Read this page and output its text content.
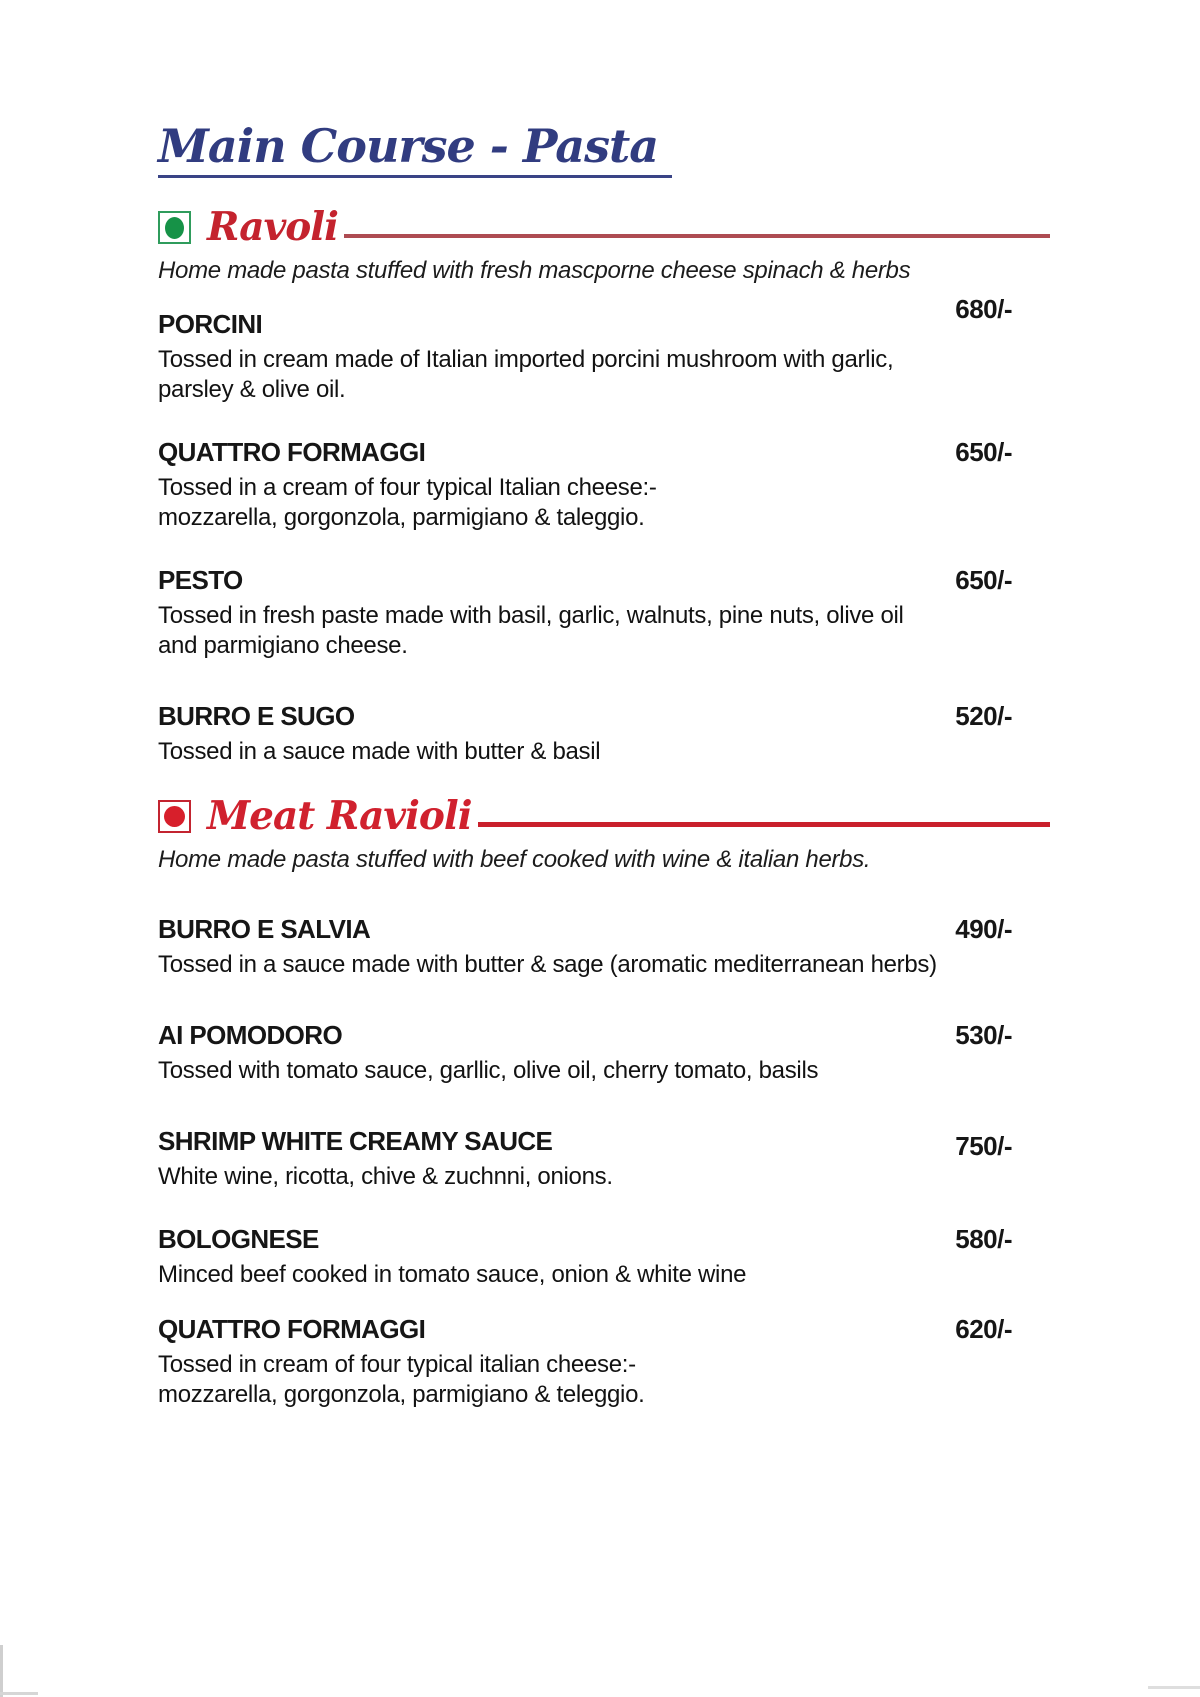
Main Course - Pasta
Ravoli

Home made pasta stuffed with fresh mascporne cheese spinach & herbs

PORCINI	680/-
Tossed in cream made of Italian imported porcini mushroom with garlic,
parsley & olive oil.
QUATTRO FORMAGGI	650/-
Tossed in a cream of four typical Italian cheese:-
mozzarella, gorgonzola, parmigiano & taleggio.
PESTO	650/-
Tossed in fresh paste made with basil, garlic, walnuts, pine nuts, olive oil
and parmigiano cheese.
BURRO E SUGO	520/-
Tossed in a sauce made with butter & basil
Meat Ravioli

Home made pasta stuffed with beef cooked with wine & italian herbs.

BURRO E SALVIA	490/-
Tossed in a sauce made with butter & sage (aromatic mediterranean herbs)
AI POMODORO	530/-
Tossed with tomato sauce, garllic, olive oil, cherry tomato, basils
SHRIMP WHITE CREAMY SAUCE	750/-
White wine, ricotta, chive & zuchnni, onions.
BOLOGNESE	580/-
Minced beef cooked in tomato sauce, onion & white wine
QUATTRO FORMAGGI	620/-
Tossed in cream of four typical italian cheese:-
mozzarella, gorgonzola, parmigiano & teleggio.
